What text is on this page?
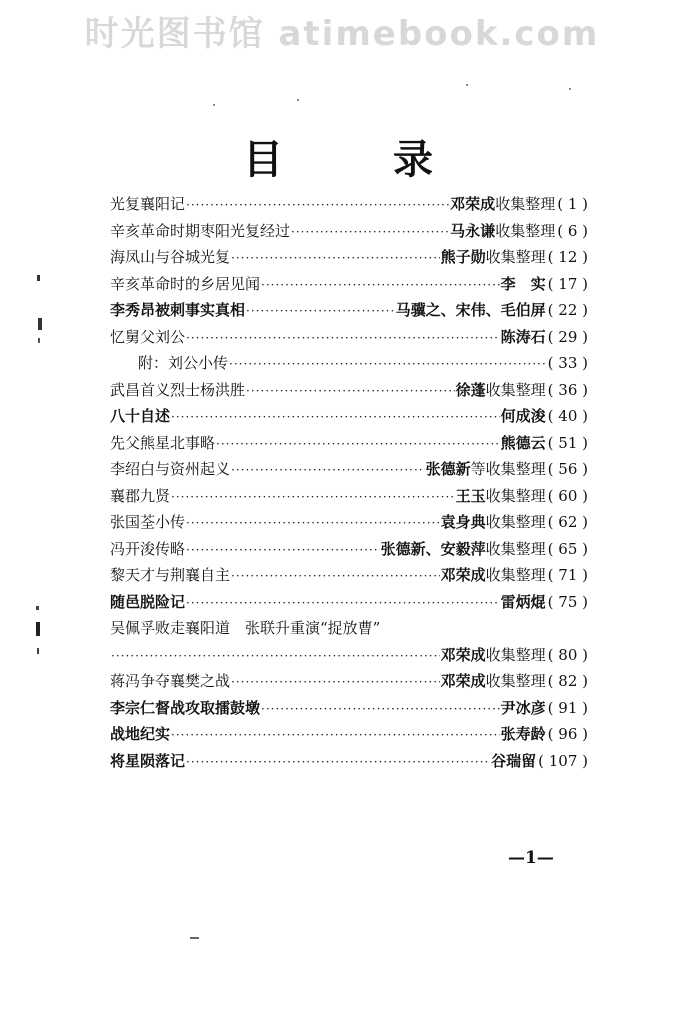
时光图书馆 atimebook.com
目 录
光复襄阳记 ·····	邓荣成收集整理 ( 1 )
辛亥革命时期枣阳光复经过 ·····	马永谦收集整理 ( 6 )
海凤山与谷城光复 ·····	熊子勋收集整理 ( 12 )
辛亥革命时的乡居见闻 ·····	李　实 ( 17 )
李秀昂被刺事实真相 ·····	马骥之、宋伟、毛伯屏 ( 22 )
忆舅父刘公 ·····	陈涛石 ( 29 )
附：刘公小传 ·····	( 33 )
武昌首义烈士杨洪胜 ·····	徐蓬收集整理 ( 36 )
八十自述 ·····	何成浚 ( 40 )
先父熊星北事略 ·····	熊德云 ( 51 )
李绍白与资州起义 ·····	张德新等收集整理 ( 56 )
襄郡九贤 ·····	王玉收集整理 ( 60 )
张国荃小传 ·····	袁身典收集整理 ( 62 )
冯开浚传略 ·····	张德新、安毅萍收集整理 ( 65 )
黎天才与荆襄自主 ·····	邓荣成收集整理 ( 71 )
随邑脱险记 ·····	雷炳焜 ( 75 )
吴佩孚败走襄阳道　张联升重演“捉放曹”
·····
邓荣成收集整理 ( 80 )
蒋冯争夺襄樊之战 ·····	邓荣成收集整理 ( 82 )
李宗仁督战攻取擂鼓墩 ·····	尹冰彦 ( 91 )
战地纪实 ·····	张寿龄 ( 96 )
将星陨落记 ·····	谷瑞留 ( 107 )
—1—
